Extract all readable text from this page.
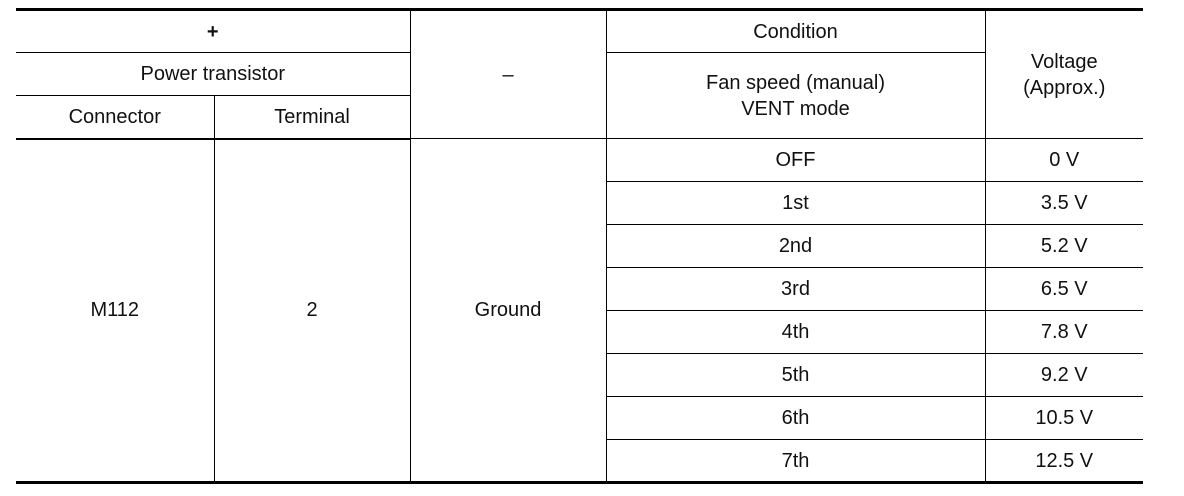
+		–	Condition	Voltage
(Approx.)

Power transistor			Fan speed (manual)
VENT mode	

Connector	Terminal			
M112	2	Ground	OFF	0 V
			1st	3.5 V
			2nd	5.2 V
			3rd	6.5 V
			4th	7.8 V
			5th	9.2 V
			6th	10.5 V
			7th	12.5 V
